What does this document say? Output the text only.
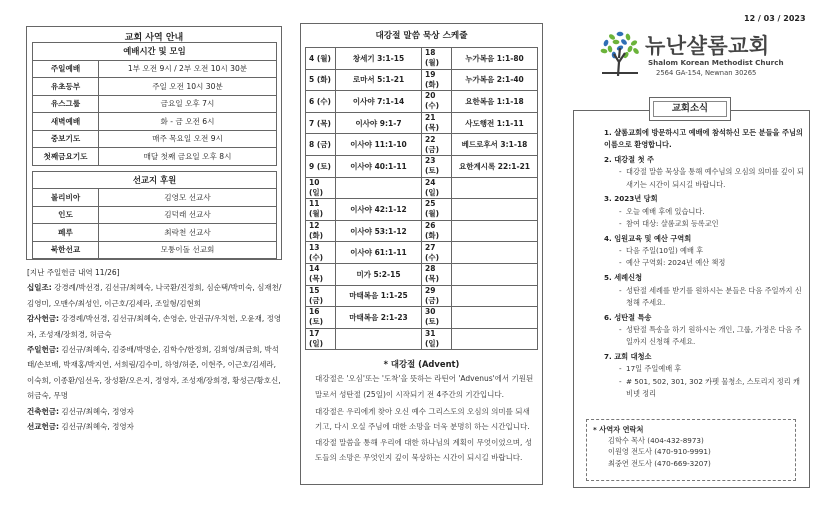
교회 사역 안내
예배시간 및 모임	
주일예배	1부 오전 9시 / 2부 오전 10시 30분
유초등부	주일 오전 10시 30분
유스그룹	금요일 오후 7시
새벽예배	화 - 금 오전 6시
중보기도	매주 목요일 오전 9시
첫째금요기도	매달 첫째 금요일 오후 8시
선교지 후원	
볼리비아	김영모 선교사
인도	김덕래 선교사
페루	최락천 선교사
북한선교	모퉁이돌 선교회
[지난 주일헌금 내역 11/26]
십일조: 강경례/박선경, 김선규/최혜숙, 나국환/진정희, 심순택/박미숙, 심재천/김영미, 오맨수/최성인, 이근호/김세라, 조일형/김현희
감사헌금: 강경례/박선경, 김선규/최혜숙, 손영순, 안권규/우치헌, 오윤재, 정영자, 조성재/장희경, 허금숙
주일헌금: 김선규/최혜숙, 김중배/박명순, 김학수/한정희, 김희영/최금희, 박석태/손보배, 박재홍/박지연, 서희림/김수미, 하영/허준, 이현주, 이근호/김세라, 이숙희, 이종환/임선옥, 장성환/오은지, 정영자, 조성재/장희경, 황성근/황호신, 허금숙, 무명
건축헌금: 김선규/최혜숙, 정영자
선교헌금: 김선규/최혜숙, 정영자
대강절 말씀 묵상 스케줄
4 (월)	창세기 3:1-15	18 (월)	누가복음 1:1-80
5 (화)	로마서 5:1-21	19 (화)	누가복음 2:1-40
6 (수)	이사야 7:1-14	20 (수)	요한복음 1:1-18
7 (목)	이사야 9:1-7	21 (목)	사도행전 1:1-11
8 (금)	이사야 11:1-10	22 (금)	베드로후서 3:1-18
9 (토)	이사야 40:1-11	23 (토)	요한계시록 22:1-21
10 (일)		24 (일)	
11 (월)	이사야 42:1-12	25 (월)	
12 (화)	이사야 53:1-12	26 (화)	
13 (수)	이사야 61:1-11	27 (수)	
14 (목)	미가 5:2-15	28 (목)	
15 (금)	마태복음 1:1-25	29 (금)	
16 (토)	마태복음 2:1-23	30 (토)	
17 (일)		31 (일)	
* 대강절 (Advent)

대강절은 '오심'또는 '도착'을 뜻하는 라틴어 'Advenus'에서 기원된 말로서 성탄절 (25일)이 시작되기 전 4주간의 기간입니다.

대강절은 우리에게 찾아 오신 예수 그리스도의 오심의 의미를 되새기고, 다시 오실 주님에 대한 소망을 더욱 분명히 하는 시간입니다. 대강절 말씀을 통해 우리에 대한 하나님의 계획이 무엇이었으며, 성도들의 소망은 무엇인지 깊이 묵상하는 시간이 되시길 바랍니다.

12 / 03 / 2023
뉴난샬롬교회
Shalom Korean Methodist Church
2564 GA-154, Newnan 30265
교회소식
1. 샬롬교회에 방문하시고 예배에 참석하신 모든 분들을 주님의 이름으로 환영합니다.
2. 대강절 첫 주
- 대강절 말씀 묵상을 통해 예수님의 오심의 의미를 깊이 되새기는 시간이 되시길 바랍니다.
3. 2023년 당회
- 오늘 예배 후에 있습니다.
- 참여 대상: 샬롬교회 등록교인
4. 임원교육 및 예산 구역회
- 다음 주일(10일) 예배 후
- 예산 구역회: 2024년 예산 책정
5. 세례신청
- 성탄절 세례를 받기를 원하시는 분들은 다음 주일까지 신청해 주세요.
6. 성탄절 특송
- 성탄절 특송을 하기 원하시는 개인, 그룹, 가정은 다음 주일까지 신청해 주세요.
7. 교회 대청소
- 17일 주일예배 후
- # 501, 502, 301, 302 카펫 물청소, 스토리지 정리 캐비넷 정리
* 사역자 연락처
김학수 목사 (404-432-8973)
이원영 전도사 (470-910-9991)
최중연 전도사 (470-669-3207)
